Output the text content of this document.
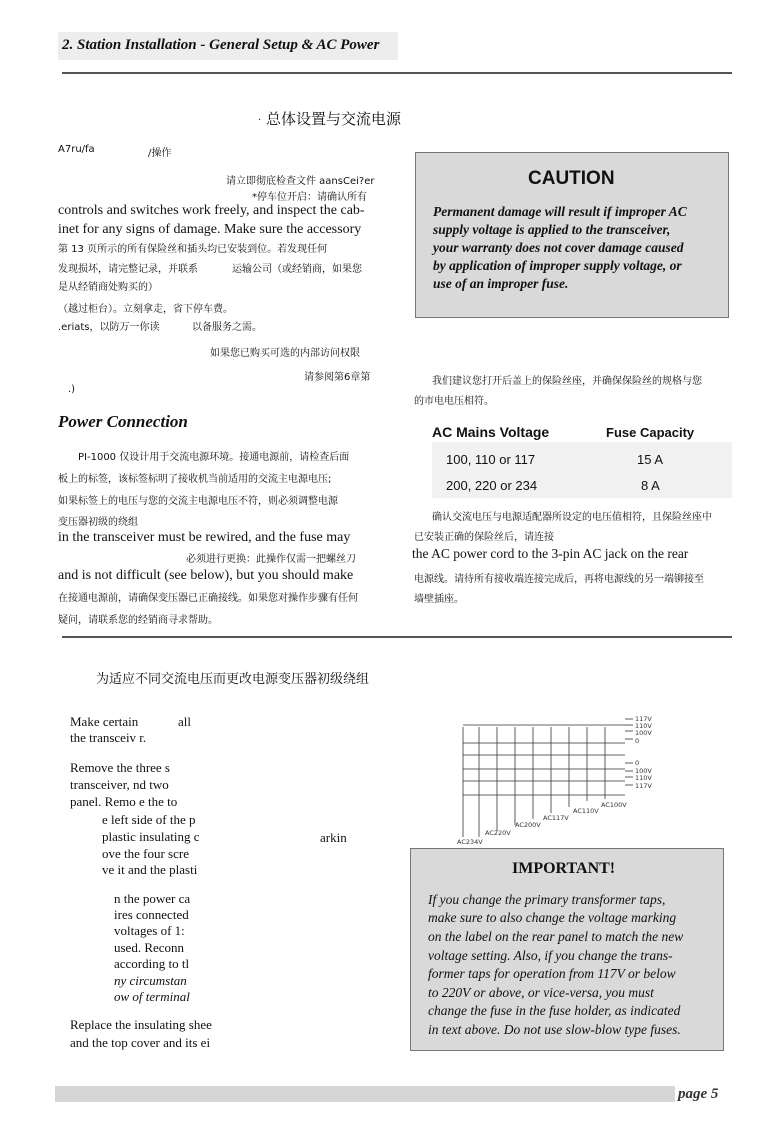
2. Station Installation - General Setup & AC Power
. 总体设置与交流电源
A7ru/fa	/操作
请立即彻底检查文件 aansCei?er
*停车位开启：请确认所有
controls and switches work freely, and inspect the cab-
inet for any signs of damage. Make sure the accessory
第 13 页所示的所有保险丝和插头均已安装到位。若发现任何
发现损坏，请完整记录，并联系	运输公司（或经销商，如果您
是从经销商处购买的）
（越过柜台）。立刻拿走，省下停车费。
.eriats，以防万一你读	以备服务之需。
如果您已购买可选的内部访问权限
请参阅第6章第
.)
Power Connection
PI-1000 仅设计用于交流电源环境。接通电源前，请检查后面
板上的标签，该标签标明了接收机当前适用的交流主电源电压;
如果标签上的电压与您的交流主电源电压不符，则必须调整电源
变压器初级的绕组
in the transceiver must be rewired, and the fuse may
必须进行更换：此操作仅需一把螺丝刀
and is not difficult (see below), but you should make
在接通电源前，请确保变压器已正确接线。如果您对操作步骤有任何
疑问，请联系您的经销商寻求帮助。
CAUTION
Permanent damage will result if improper AC
supply voltage is applied to the transceiver,
your warranty does not cover damage caused
by application of improper supply voltage, or
use of an improper fuse.
我们建议您打开后盖上的保险丝座，并确保保险丝的规格与您
的市电电压相符。
AC Mains Voltage	Fuse Capacity
100, 110 or 117	15 A
200, 220 or 234	8 A
确认交流电压与电源适配器所设定的电压值相符，且保险丝座中
已安装正确的保险丝后，请连接
the AC power cord to the 3-pin AC jack on the rear
电源线。请待所有接收端连接完成后，再将电源线的另一端铆接至
墙壁插座。
为适应不同交流电压而更改电源变压器初级绕组
Make certain	all
the transceiv r.
Remove the three s
transceiver, nd two
panel. Remo e the to
e left side of the p
plastic insulating c
ove the four scre
ve it and the plasti
n the power ca
ires connected
voltages of 1:
used. Reconn
according to tl
ny circumstan
ow of terminal
Replace the insulating shee
and the top cover and its ei
arkin
117V
110V
100V
0
0
100V
110V
117V
AC100V
AC110V
AC117V
AC200V
AC220V
AC234V
IMPORTANT!
If you change the primary transformer taps,
make sure to also change the voltage marking
on the label on the rear panel to match the new
voltage setting. Also, if you change the trans-
former taps for operation from 117V or below
to 220V or above, or vice-versa, you must
change the fuse in the fuse holder, as indicated
in text above. Do not use slow-blow type fuses.
page 5
